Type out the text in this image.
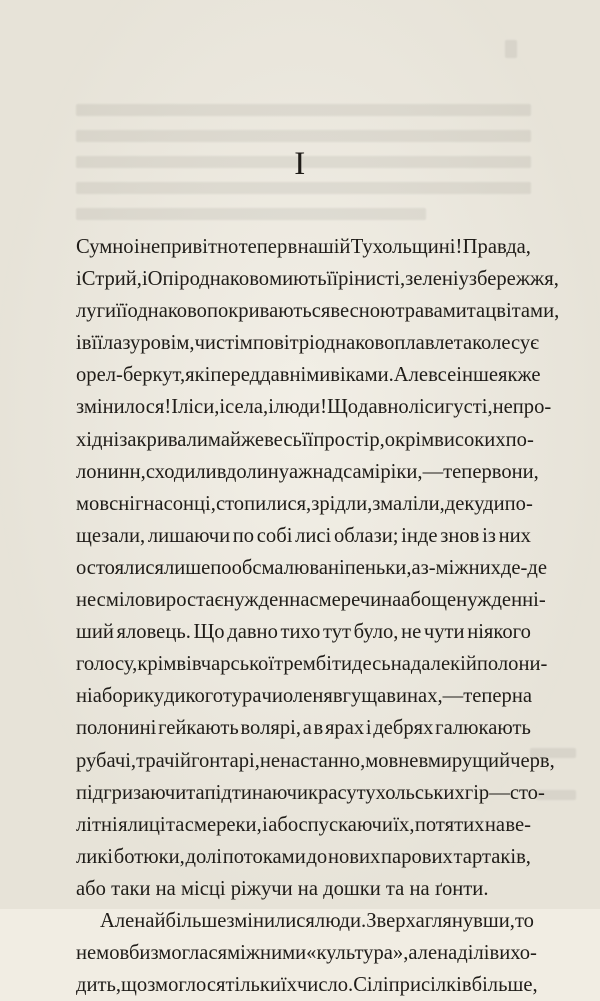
I
Сумно і непривітно тепер в нашій Тухольщині! Правда,
і Стрий, і Опір однаково миють її рінисті, зелені узбережжя,
луги її однаково покриваються весною травами та цвітами,
і в її лазуровім, чистім повітрі однаково плавле та колесує
орел-беркут, як і перед давніми віками. Але все інше як же
змінилося! І ліси, і села, і люди! Що давно ліси густі, непро-
хідні закривали майже весь її простір, окрім високих по-
лонинн, сходили вдолину аж над самі ріки, — тепер вони,
мов сніг на сонці, стопилися, зрідли, змаліли, декуди по-
щезали, лишаючи по собі лисі облази; інде знов із них
остоялися лише пообсмалювані пеньки, а з-між них де-де
несміло виростає нужденна смеречина або ще нужденні-
ший яловець. Що давно тихо тут було, не чути ніякого
голосу, крім вівчарської трембіти десь на далекій полони-
ні або рику дикого тура чи оленя в гущавинах, — тепер на
полонині гейкають волярі, а в ярах і дебрях галюкають
рубачі, трачі й гонтарі, ненастанно, мов невмирущий черв,
підгризаючи та підтинаючи красу тухольських гір — сто-
літні ялиці та смереки, і або спускаючи їх, потятих на ве-
ликі ботюки, долі потоками до нових парових тартаків,
або таки на місці ріжучи на дошки та на ґонти.
Але найбільше змінилися люди. Зверха глянувши, то
немовби змоглася між ними «культура», але на ділі вихо-
дить, що змоглося тільки їх число. Сіл і присілків більше,
